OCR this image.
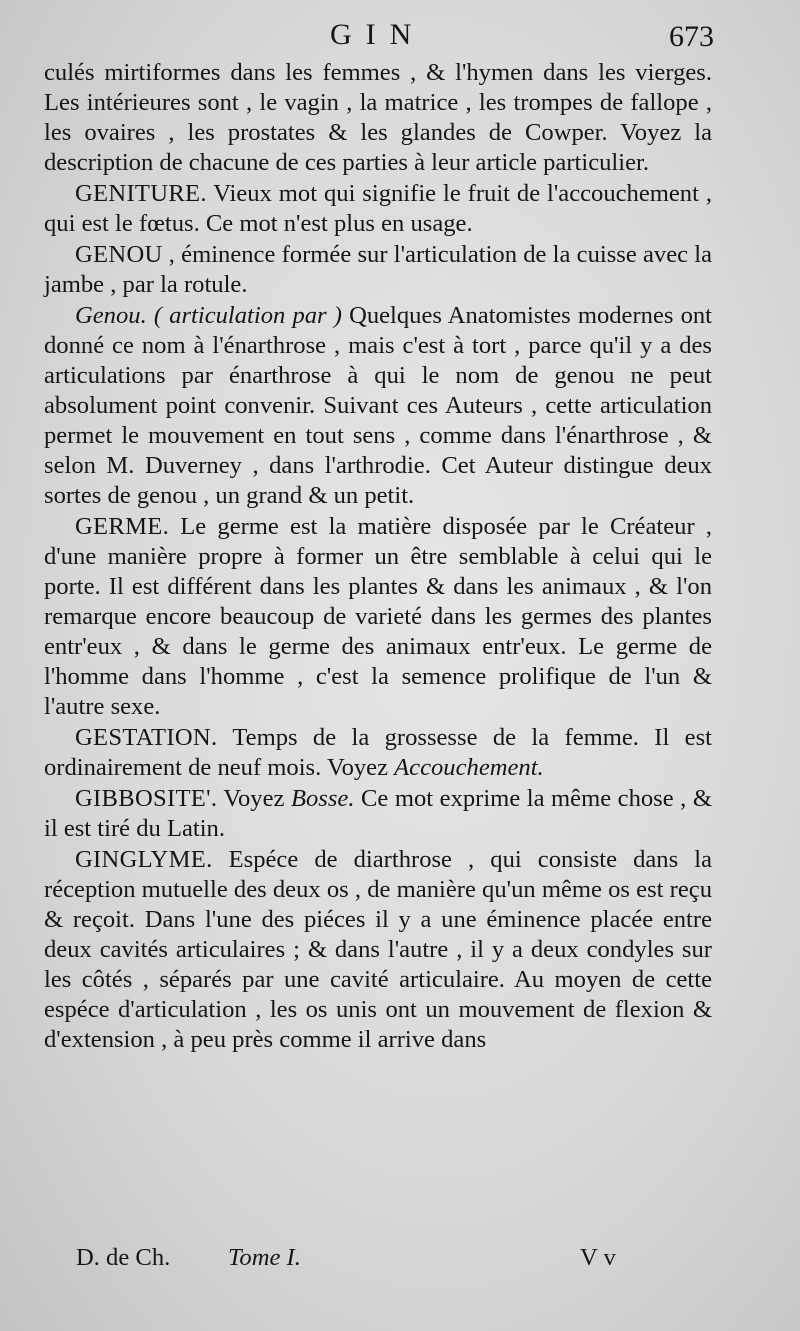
GIN	673

culés mirtiformes dans les femmes , & l'hymen dans les vierges. Les intérieures sont , le vagin , la matrice , les trompes de fallope , les ovaires , les prostates & les glandes de Cowper. Voyez la description de chacune de ces parties à leur article particulier.

GENITURE. Vieux mot qui signifie le fruit de l'accouchement , qui est le fœtus. Ce mot n'est plus en usage.

GENOU , éminence formée sur l'articulation de la cuisse avec la jambe , par la rotule.

Genou. ( articulation par ) Quelques Anatomistes modernes ont donné ce nom à l'énarthrose , mais c'est à tort , parce qu'il y a des articulations par énarthrose à qui le nom de genou ne peut absolument point convenir. Suivant ces Auteurs , cette articulation permet le mouvement en tout sens , comme dans l'énarthrose , & selon M. Duverney , dans l'arthrodie. Cet Auteur distingue deux sortes de genou , un grand & un petit.

GERME. Le germe est la matière disposée par le Créateur , d'une manière propre à former un être semblable à celui qui le porte. Il est différent dans les plantes & dans les animaux , & l'on remarque encore beaucoup de varieté dans les germes des plantes entr'eux , & dans le germe des animaux entr'eux. Le germe de l'homme dans l'homme , c'est la semence prolifique de l'un & l'autre sexe.

GESTATION. Temps de la grossesse de la femme. Il est ordinairement de neuf mois. Voyez Accouchement.

GIBBOSITE'. Voyez Bosse. Ce mot exprime la même chose , & il est tiré du Latin.

GINGLYME. Espéce de diarthrose , qui consiste dans la réception mutuelle des deux os , de manière qu'un même os est reçu & reçoit. Dans l'une des piéces il y a une éminence placée entre deux cavités articulaires ; & dans l'autre , il y a deux condyles sur les côtés , séparés par une cavité articulaire. Au moyen de cette espéce d'articulation , les os unis ont un mouvement de flexion & d'extension , à peu près comme il arrive dans

D. de Ch. Tome I.	V v
